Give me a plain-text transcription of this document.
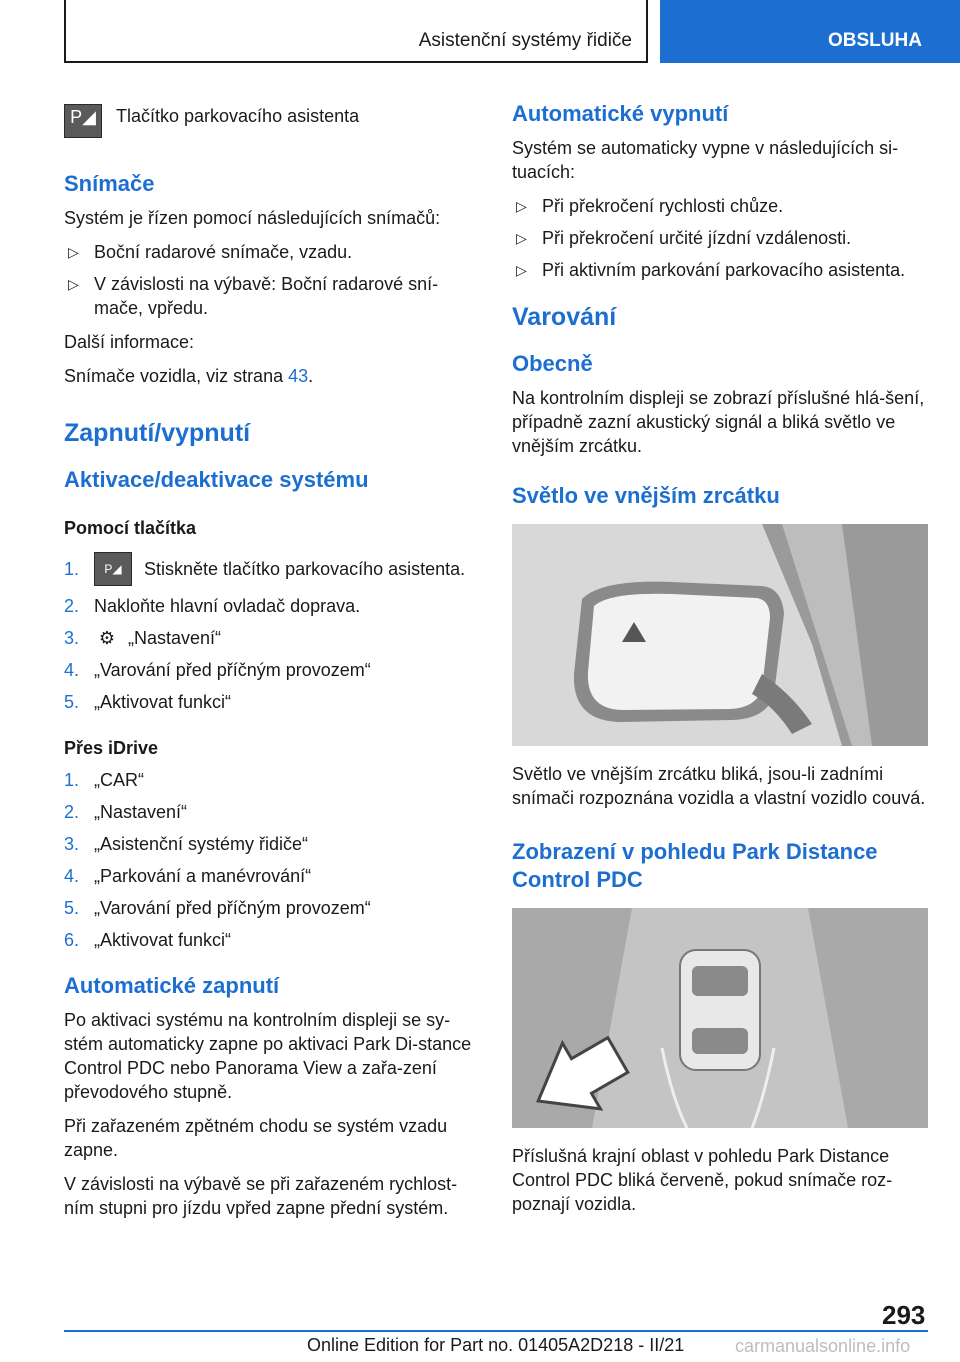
Asistenční systémy řidiče	OBSLUHA
P◢	Tlačítko parkovacího asistenta
Snímače

Systém je řízen pomocí následujících snímačů:

▷ Boční radarové snímače, vzadu.
▷ V závislosti na výbavě: Boční radarové sní-mače, vpředu.

Další informace:

Snímače vozidla, viz strana 43.

Zapnutí/vypnutí
Aktivace/deaktivace systému
Pomocí tlačítka
1.	P◢	Stiskněte tlačítko parkovacího asistenta.
2. Nakloňte hlavní ovladač doprava.
3.	⚙ „Nastavení“
4. „Varování před příčným provozem“
5. „Aktivovat funkci“
Přes iDrive
1. „CAR“
2. „Nastavení“
3. „Asistenční systémy řidiče“
4. „Parkování a manévrování“
5. „Varování před příčným provozem“
6. „Aktivovat funkci“
Automatické zapnutí

Po aktivaci systému na kontrolním displeji se sy-stém automaticky zapne po aktivaci Park Di-stance Control PDC nebo Panorama View a zařa-zení převodového stupně.

Při zařazeném zpětném chodu se systém vzadu zapne.

V závislosti na výbavě se při zařazeném rychlost-ním stupni pro jízdu vpřed zapne přední systém.

Automatické vypnutí

Systém se automaticky vypne v následujících si-tuacích:

▷ Při překročení rychlosti chůze.
▷ Při překročení určité jízdní vzdálenosti.
▷ Při aktivním parkování parkovacího asistenta.
Varování
Obecně

Na kontrolním displeji se zobrazí příslušné hlá-šení, případně zazní akustický signál a bliká světlo ve vnějším zrcátku.

Světlo ve vnějším zrcátku

Světlo ve vnějším zrcátku bliká, jsou-li zadními snímači rozpoznána vozidla a vlastní vozidlo couvá.

Zobrazení v pohledu Park Distance Control PDC

Příslušná krajní oblast v pohledu Park Distance Control PDC bliká červeně, pokud snímače roz-poznají vozidla.

293
Online Edition for Part no. 01405A2D218 - II/21	carmanualsonline.info
